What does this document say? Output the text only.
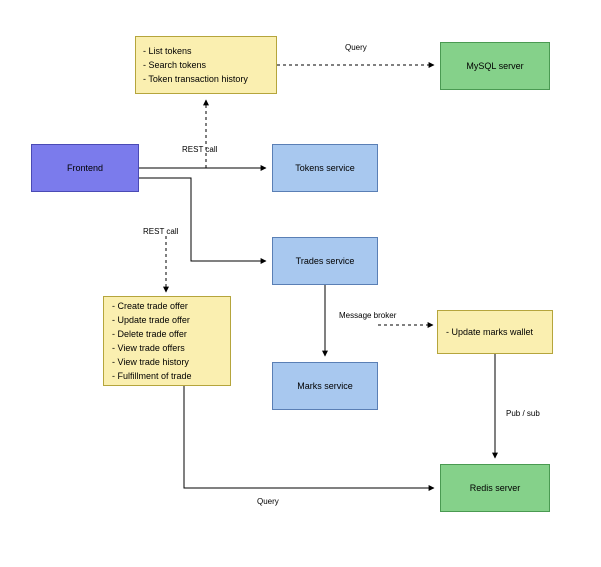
- List tokens
- Search tokens
- Token transaction history
MySQL server
Frontend	Tokens service
Trades service
- Create trade offer
- Update trade offer
- Delete trade offer
- View trade offers
- View trade history
- Fulfillment of trade
- Update marks wallet
Marks service
Redis server
Query
REST call
REST call
Message broker
Pub / sub
Query
